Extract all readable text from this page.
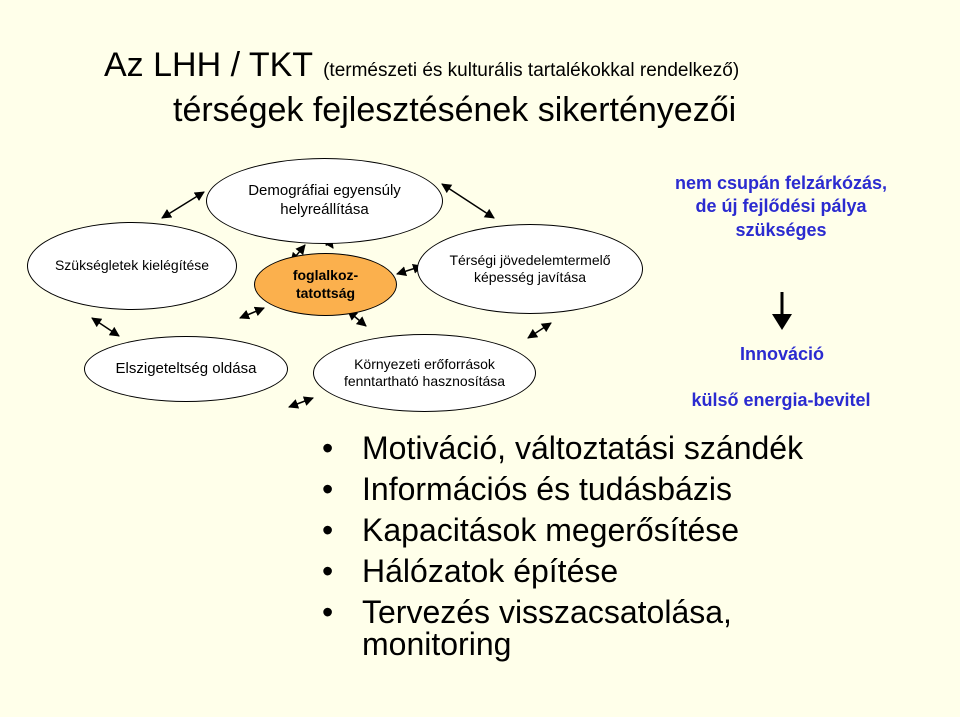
Az LHH / TKT (természeti és kulturális tartalékokkal rendelkező)
térségek fejlesztésének sikertényezői
Demográfiai egyensúly helyreállítása
Szükségletek kielégítése
foglalkoz-tatottság
Térségi jövedelemtermelő képesség javítása
Elszigeteltség oldása	Környezeti erőforrások fenntartható hasznosítása
nem csupán felzárkózás, de új fejlődési pálya szükséges
Innováció
külső energia-bevitel
• Motiváció, változtatási szándék
• Információs és tudásbázis
• Kapacitások megerősítése
• Hálózatok építése
• Tervezés visszacsatolása, monitoring
